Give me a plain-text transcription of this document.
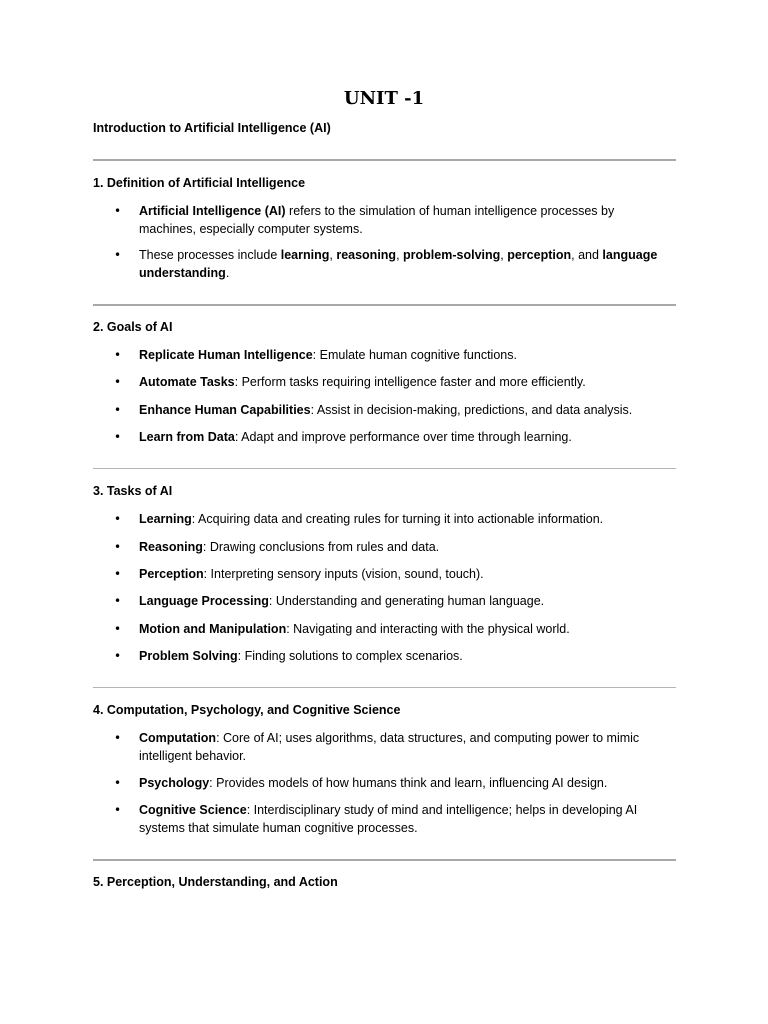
UNIT -1
Introduction to Artificial Intelligence (AI)
1. Definition of Artificial Intelligence
•	Artificial Intelligence (AI) refers to the simulation of human intelligence processes by machines, especially computer systems.
•	These processes include learning, reasoning, problem-solving, perception, and language understanding.
2. Goals of AI
•	Replicate Human Intelligence: Emulate human cognitive functions.
•	Automate Tasks: Perform tasks requiring intelligence faster and more efficiently.
•	Enhance Human Capabilities: Assist in decision-making, predictions, and data analysis.
•	Learn from Data: Adapt and improve performance over time through learning.
3. Tasks of AI
•	Learning: Acquiring data and creating rules for turning it into actionable information.
•	Reasoning: Drawing conclusions from rules and data.
•	Perception: Interpreting sensory inputs (vision, sound, touch).
•	Language Processing: Understanding and generating human language.
•	Motion and Manipulation: Navigating and interacting with the physical world.
•	Problem Solving: Finding solutions to complex scenarios.
4. Computation, Psychology, and Cognitive Science
•	Computation: Core of AI; uses algorithms, data structures, and computing power to mimic intelligent behavior.
•	Psychology: Provides models of how humans think and learn, influencing AI design.
•	Cognitive Science: Interdisciplinary study of mind and intelligence; helps in developing AI systems that simulate human cognitive processes.
5. Perception, Understanding, and Action
